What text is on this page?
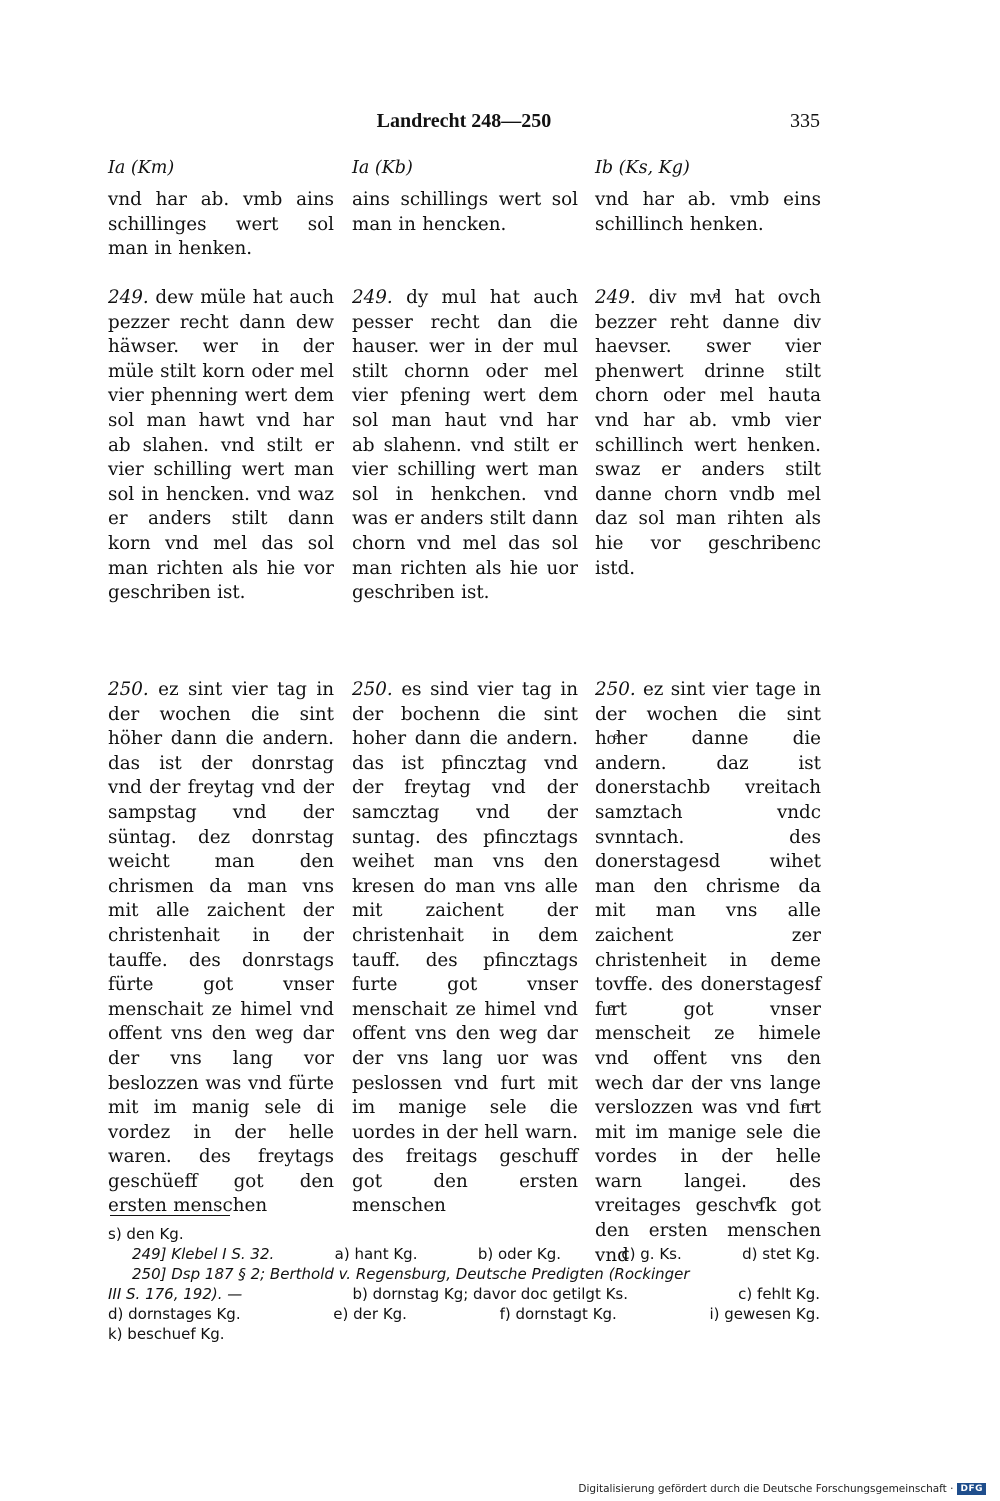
Landrecht 248—250	335
Ia (Km)
vnd har ab. vmb ains schillinges wert sol man in henken.
249. dew müle hat auch pezzer recht dann dew häwser. wer in der müle stilt korn oder mel vier phenning wert dem sol man hawt vnd har ab slahen. vnd stilt er vier schilling wert man sol in hencken. vnd waz er anders stilt dann korn vnd mel das sol man richten als hie vor geschriben ist.
250. ez sint vier tag in der wochen die sint höher dann die andern. das ist der donrstag vnd der freytag vnd der sampstag vnd der süntag. dez donrstag weicht man den chrismen da man vns mit alle zaichent der christenhait in der tauffe. des donrstags fürte got vnser menschait ze himel vnd offent vns den weg dar der vns lang vor beslozzen was vnd fürte mit im manig sele di vordez in der helle waren. des freytags geschüeff got den ersten menschen
Ia (Kb)
ains schillings wert sol man in hencken.
249. dy mul hat auch pesser recht dan die hauser. wer in der mul stilt chornn oder mel vier pfening wert dem sol man haut vnd har ab slahenn. vnd stilt er vier schilling wert man sol in henkchen. vnd was er anders stilt dann chorn vnd mel das sol man richten als hie uor geschriben ist.
250. es sind vier tag in der bochenn die sint hoher dann die andern. das ist pfincztag vnd der freytag vnd der samcztag vnd der suntag. des pfincztags weihet man vns den kresen do man vns alle mit zaichent der christenhait in dem tauff. des pfincztags furte got vnser menschait ze himel vnd offent vns den weg dar der vns lang uor was peslossen vnd furt mit im manige sele die uordes in der hell warn. des freitags geschuff got den ersten menschen
Ib (Ks, Kg)
vnd har ab. vmb eins schillinch henken.
249. div mvͤl hat ovch bezzer reht danne div haevser. swer vier phenwert drinne stilt chorn oder mel hauta vnd har ab. vmb vier schillinch wert henken. swaz er anders stilt danne chorn vndb mel daz sol man rihten als hie vor geschribenc istd.
250. ez sint vier tage in der wochen die sint hoͤher danne die andern. daz ist donerstachb vreitach samztach vndc svnntach. des donerstagesd wihet man den chrisme da mit man vns alle zaichent zer christenheit in deme tovffe. des donerstagesf fuͤrt got vnser menscheit ze himele vnd offent vns den wech dar der vns lange verslozzen was vnd fuͤrt mit im manige sele die vordes in der helle warn langei. des vreitages geschvͤfk got den ersten menschen vnd
s) den Kg.
249] Klebel I S. 32.	a) hant Kg.	b) oder Kg.	c) g. Ks.	d) stet Kg.
250] Dsp 187 § 2; Berthold v. Regensburg, Deutsche Predigten (Rockinger
III S. 176, 192). —	b) dornstag Kg; davor doc getilgt Ks.	c) fehlt Kg.
d) dornstages Kg.	e) der Kg.	f) dornstagt Kg.	i) gewesen Kg.
k) beschuef Kg.
Digitalisierung gefördert durch die Deutsche Forschungsgemeinschaft · DFG
